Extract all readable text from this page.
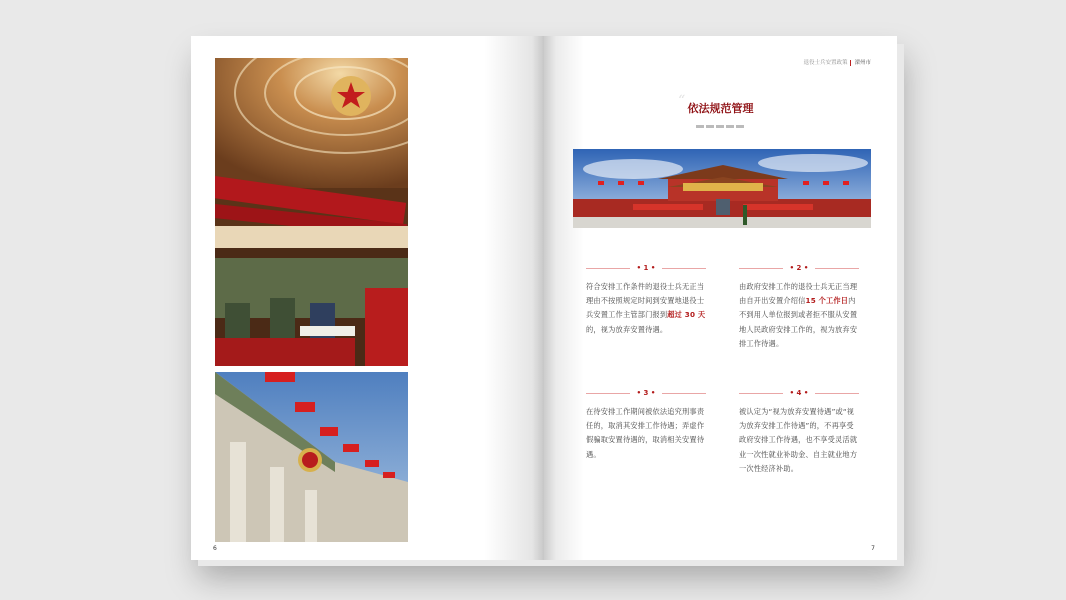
6
退役士兵安置政策 溧州市
“ 依法规范管理
• 1 •
符合安排工作条件的退役士兵无正当理由不按照规定时间到安置地退役士兵安置工作主管部门报到超过 30 天的，视为放弃安置待遇。
• 2 •
由政府安排工作的退役士兵无正当理由自开出安置介绍信15 个工作日内不到用人单位报到或者拒不服从安置地人民政府安排工作的，视为放弃安排工作待遇。
• 3 •
在待安排工作期间被依法追究刑事责任的，取消其安排工作待遇；弄虚作假骗取安置待遇的，取消相关安置待遇。
• 4 •
被认定为“视为放弃安置待遇”或“视为放弃安排工作待遇”的，不再享受政府安排工作待遇，也不享受灵活就业一次性就业补助金、自主就业地方一次性经济补助。
7
